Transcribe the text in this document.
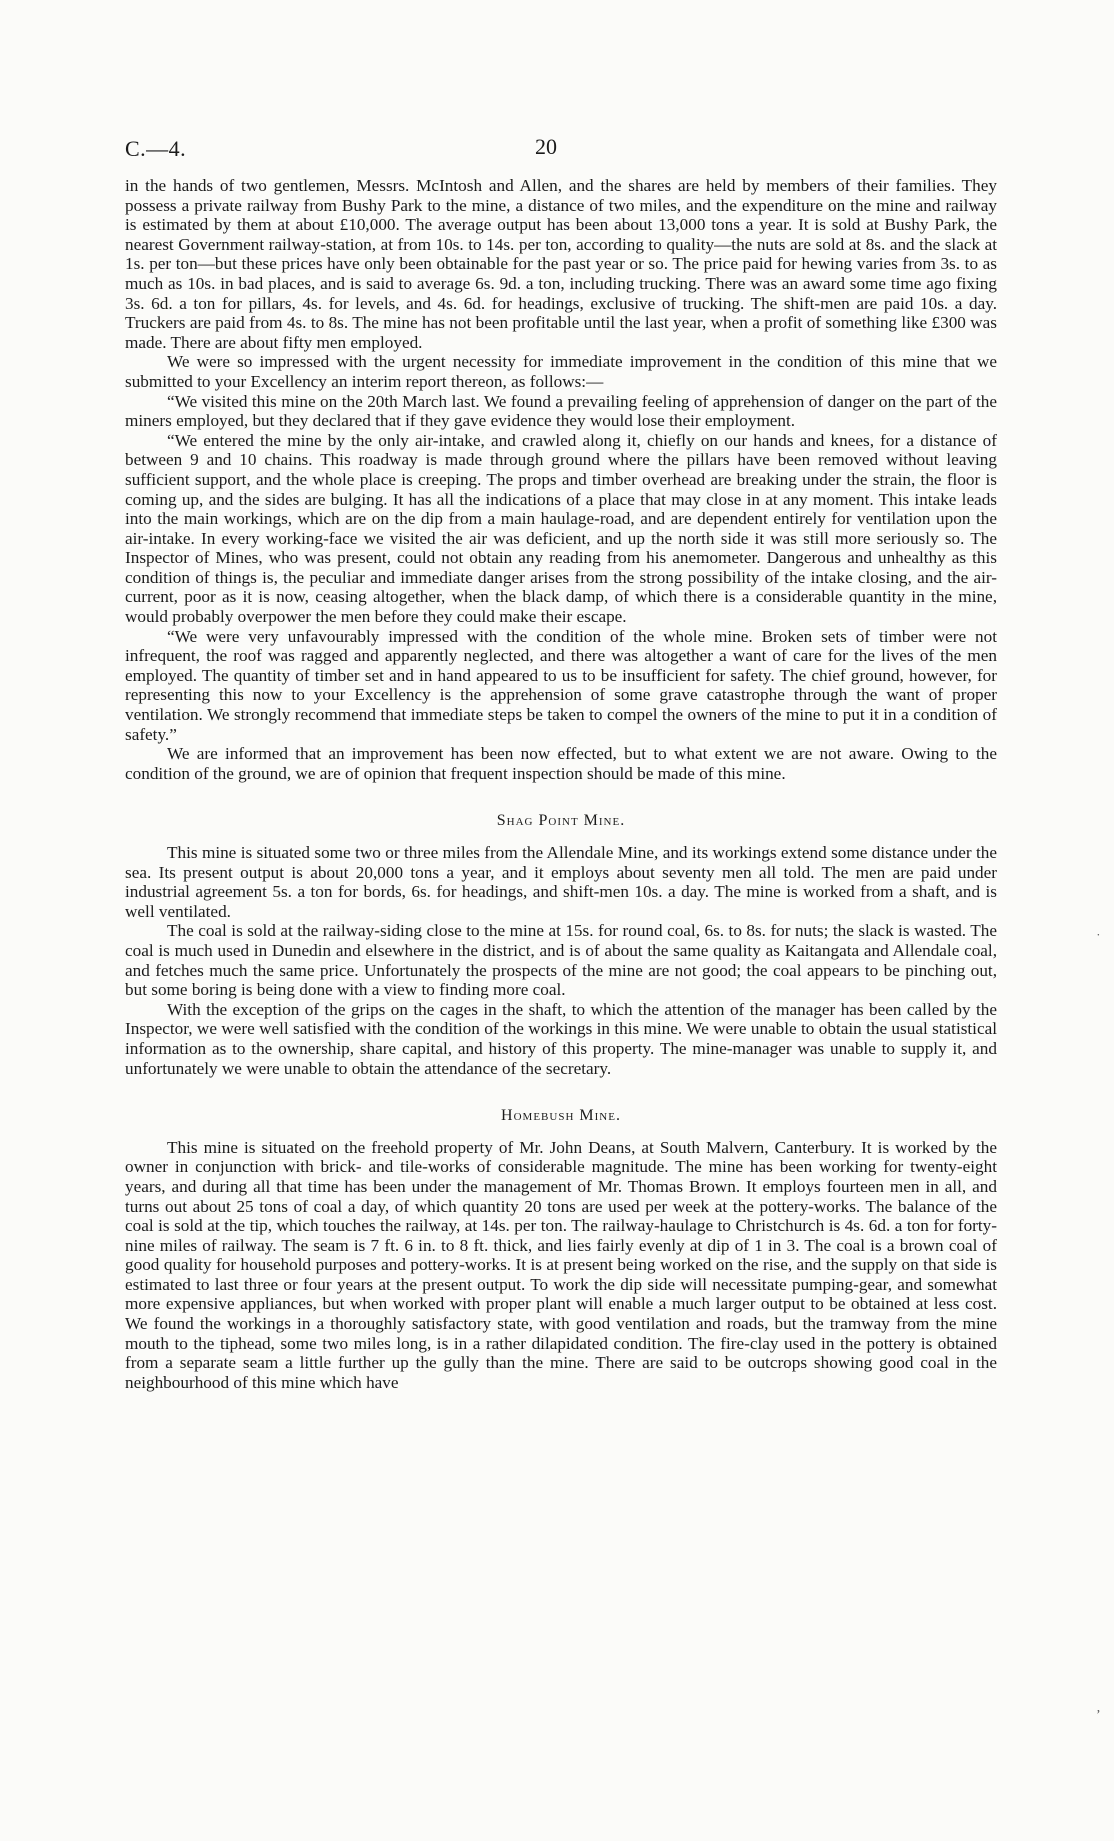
C.—4.	20

in the hands of two gentlemen, Messrs. McIntosh and Allen, and the shares are held by members of their families. They possess a private railway from Bushy Park to the mine, a distance of two miles, and the expenditure on the mine and railway is estimated by them at about £10,000. The average output has been about 13,000 tons a year. It is sold at Bushy Park, the nearest Government railway-station, at from 10s. to 14s. per ton, according to quality—the nuts are sold at 8s. and the slack at 1s. per ton—but these prices have only been obtainable for the past year or so. The price paid for hewing varies from 3s. to as much as 10s. in bad places, and is said to average 6s. 9d. a ton, including trucking. There was an award some time ago fixing 3s. 6d. a ton for pillars, 4s. for levels, and 4s. 6d. for headings, exclusive of trucking. The shift-men are paid 10s. a day. Truckers are paid from 4s. to 8s. The mine has not been profitable until the last year, when a profit of something like £300 was made. There are about fifty men employed.

We were so impressed with the urgent necessity for immediate improvement in the condition of this mine that we submitted to your Excellency an interim report thereon, as follows:—

“We visited this mine on the 20th March last. We found a prevailing feeling of apprehension of danger on the part of the miners employed, but they declared that if they gave evidence they would lose their employment.

“We entered the mine by the only air-intake, and crawled along it, chiefly on our hands and knees, for a distance of between 9 and 10 chains. This roadway is made through ground where the pillars have been removed without leaving sufficient support, and the whole place is creeping. The props and timber overhead are breaking under the strain, the floor is coming up, and the sides are bulging. It has all the indications of a place that may close in at any moment. This intake leads into the main workings, which are on the dip from a main haulage-road, and are dependent entirely for ventilation upon the air-intake. In every working-face we visited the air was deficient, and up the north side it was still more seriously so. The Inspector of Mines, who was present, could not obtain any reading from his anemometer. Dangerous and unhealthy as this condition of things is, the peculiar and immediate danger arises from the strong possibility of the intake closing, and the air-current, poor as it is now, ceasing altogether, when the black damp, of which there is a considerable quantity in the mine, would probably overpower the men before they could make their escape.

“We were very unfavourably impressed with the condition of the whole mine. Broken sets of timber were not infrequent, the roof was ragged and apparently neglected, and there was altogether a want of care for the lives of the men employed. The quantity of timber set and in hand appeared to us to be insufficient for safety. The chief ground, however, for representing this now to your Excellency is the apprehension of some grave catastrophe through the want of proper ventilation. We strongly recommend that immediate steps be taken to compel the owners of the mine to put it in a condition of safety.”

We are informed that an improvement has been now effected, but to what extent we are not aware. Owing to the condition of the ground, we are of opinion that frequent inspection should be made of this mine.

Shag Point Mine.

This mine is situated some two or three miles from the Allendale Mine, and its workings extend some distance under the sea. Its present output is about 20,000 tons a year, and it employs about seventy men all told. The men are paid under industrial agreement 5s. a ton for bords, 6s. for headings, and shift-men 10s. a day. The mine is worked from a shaft, and is well ventilated.

The coal is sold at the railway-siding close to the mine at 15s. for round coal, 6s. to 8s. for nuts; the slack is wasted. The coal is much used in Dunedin and elsewhere in the district, and is of about the same quality as Kaitangata and Allendale coal, and fetches much the same price. Unfortunately the prospects of the mine are not good; the coal appears to be pinching out, but some boring is being done with a view to finding more coal.

With the exception of the grips on the cages in the shaft, to which the attention of the manager has been called by the Inspector, we were well satisfied with the condition of the workings in this mine. We were unable to obtain the usual statistical information as to the ownership, share capital, and history of this property. The mine-manager was unable to supply it, and unfortunately we were unable to obtain the attendance of the secretary.

Homebush Mine.

This mine is situated on the freehold property of Mr. John Deans, at South Malvern, Canterbury. It is worked by the owner in conjunction with brick- and tile-works of considerable magnitude. The mine has been working for twenty-eight years, and during all that time has been under the management of Mr. Thomas Brown. It employs fourteen men in all, and turns out about 25 tons of coal a day, of which quantity 20 tons are used per week at the pottery-works. The balance of the coal is sold at the tip, which touches the railway, at 14s. per ton. The railway-haulage to Christchurch is 4s. 6d. a ton for forty-nine miles of railway. The seam is 7 ft. 6 in. to 8 ft. thick, and lies fairly evenly at dip of 1 in 3. The coal is a brown coal of good quality for household purposes and pottery-works. It is at present being worked on the rise, and the supply on that side is estimated to last three or four years at the present output. To work the dip side will necessitate pumping-gear, and somewhat more expensive appliances, but when worked with proper plant will enable a much larger output to be obtained at less cost. We found the workings in a thoroughly satisfactory state, with good ventilation and roads, but the tramway from the mine mouth to the tiphead, some two miles long, is in a rather dilapidated condition. The fire-clay used in the pottery is obtained from a separate seam a little further up the gully than the mine. There are said to be outcrops showing good coal in the neighbourhood of this mine which have

˙
ʼ
